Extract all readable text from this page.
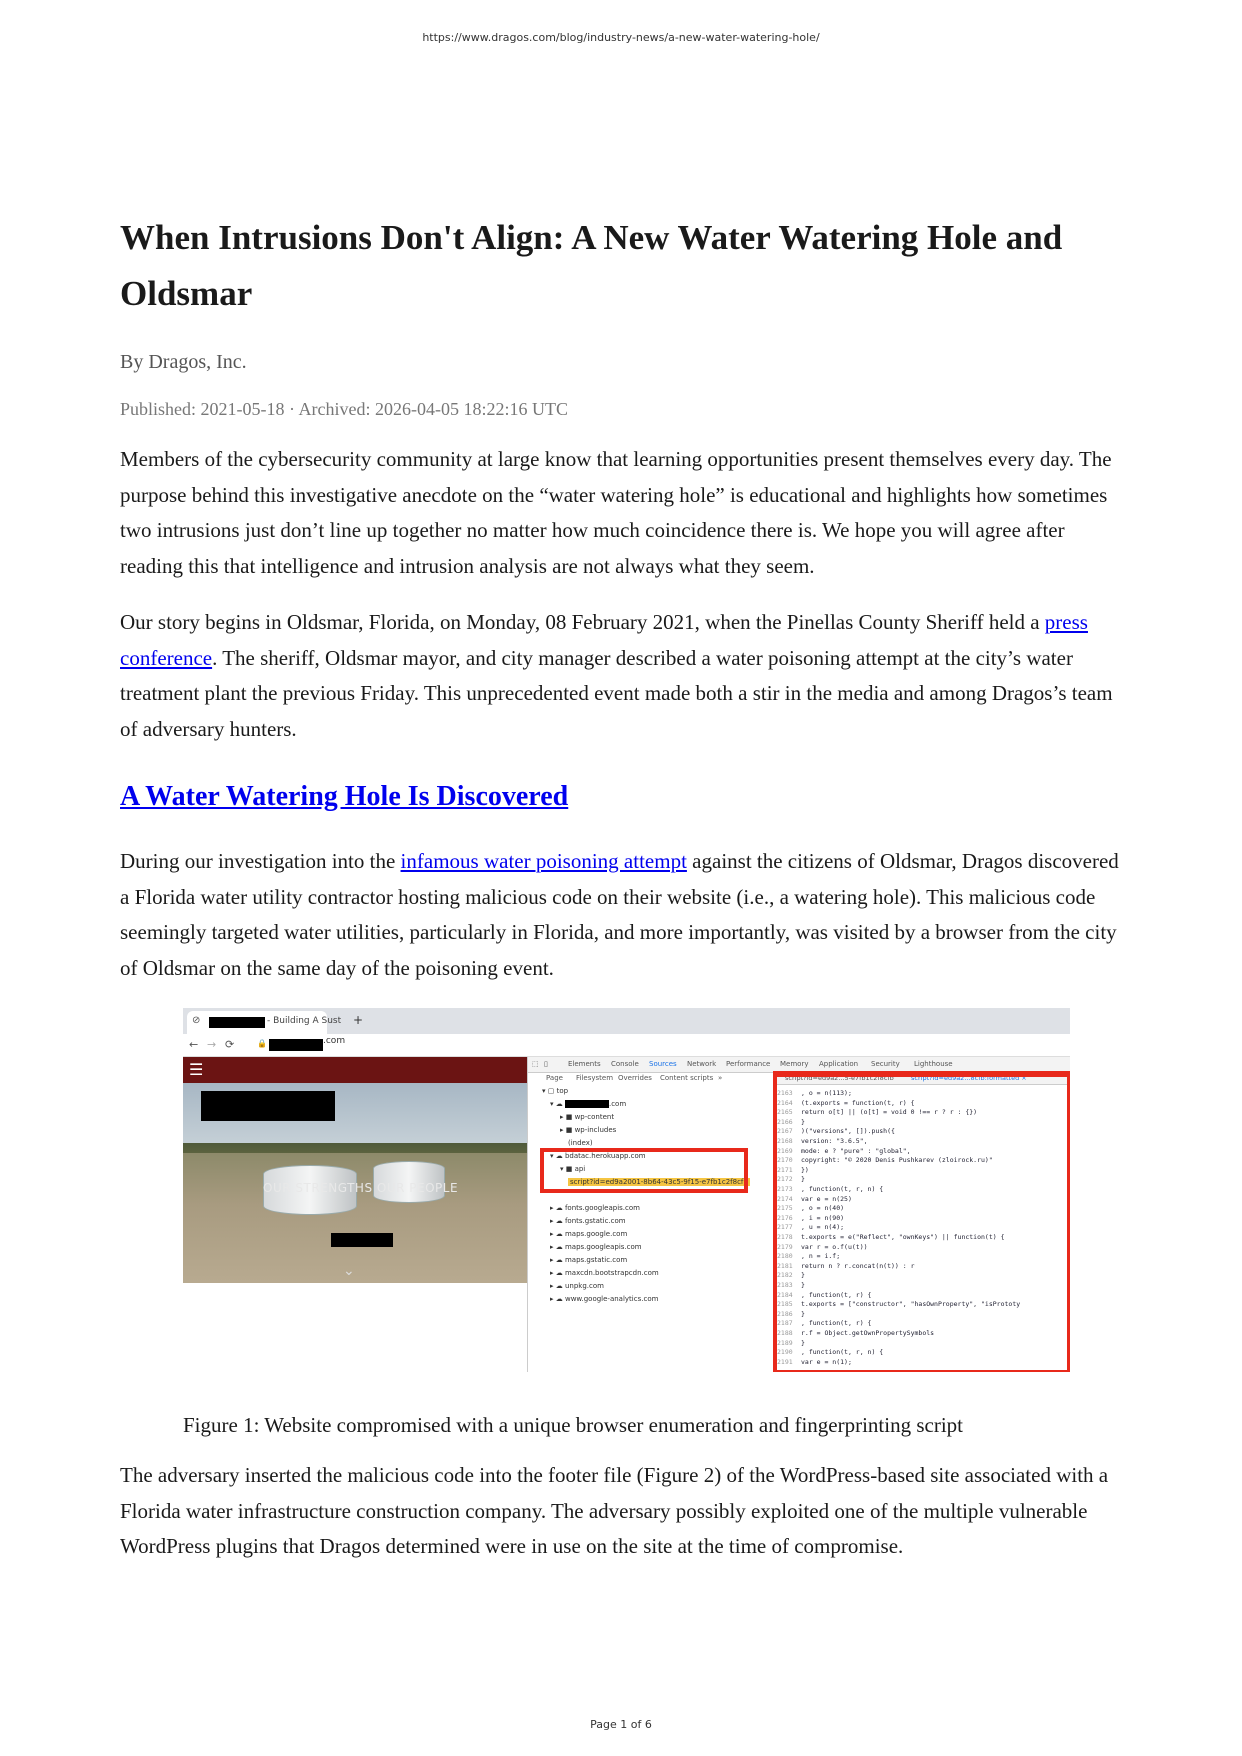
https://www.dragos.com/blog/industry-news/a-new-water-watering-hole/
When Intrusions Don't Align: A New Water Watering Hole and Oldsmar
By Dragos, Inc.
Published: 2021-05-18 · Archived: 2026-04-05 18:22:16 UTC

Members of the cybersecurity community at large know that learning opportunities present themselves every day. The purpose behind this investigative anecdote on the “water watering hole” is educational and highlights how sometimes two intrusions just don’t line up together no matter how much coincidence there is. We hope you will agree after reading this that intelligence and intrusion analysis are not always what they seem.

Our story begins in Oldsmar, Florida, on Monday, 08 February 2021, when the Pinellas County Sheriff held a press conference. The sheriff, Oldsmar mayor, and city manager described a water poisoning attempt at the city’s water treatment plant the previous Friday. This unprecedented event made both a stir in the media and among Dragos’s team of adversary hunters.

A Water Watering Hole Is Discovered

During our investigation into the infamous water poisoning attempt against the citizens of Oldsmar, Dragos discovered a Florida water utility contractor hosting malicious code on their website (i.e., a watering hole). This malicious code seemingly targeted water utilities, particularly in Florida, and more importantly, was visited by a browser from the city of Oldsmar on the same day of the poisoning event.

⊘	- Building A Sust +
← → ⟳	🔒	.com
☰
OUR STRENGTHS OUR PEOPLE
⌄
⬚ ▯	Elements Console Sources Network Performance Memory Application Security Lighthouse
Page Filesystem Overrides Content scripts »
▾ ▢ top
▾ ☁	.com
▸ ■ wp-content
▸ ■ wp-includes
(index)
▾ ☁ bdatac.herokuapp.com
▾ ■ api
script?id=ed9a2001-8b64-43c5-9f15-e7fb1c2f8cfb
▸ ☁ fonts.googleapis.com
▸ ☁ fonts.gstatic.com
▸ ☁ maps.google.com
▸ ☁ maps.googleapis.com
▸ ☁ maps.gstatic.com
▸ ☁ maxcdn.bootstrapcdn.com
▸ ☁ unpkg.com
▸ ☁ www.google-analytics.com
script?id=ed9a2...5-e7fb1c2f8cfb	script?id=ed9a2...8cfb:formatted ×
2163 , o = n(113);
2164 (t.exports = function(t, r) {
2165 return o[t] || (o[t] = void 0 !== r ? r : {})
2166 }
2167 )("versions", []).push({
2168 version: "3.6.5",
2169 mode: e ? "pure" : "global",
2170 copyright: "© 2020 Denis Pushkarev (zloirock.ru)"
2171 })
2172 }
2173 , function(t, r, n) {
2174 var e = n(25)
2175 , o = n(40)
2176 , i = n(90)
2177 , u = n(4);
2178 t.exports = e("Reflect", "ownKeys") || function(t) {
2179 var r = o.f(u(t))
2180 , n = i.f;
2181 return n ? r.concat(n(t)) : r
2182 }
2183 }
2184 , function(t, r) {
2185 t.exports = ["constructor", "hasOwnProperty", "isPrototy
2186 }
2187 , function(t, r) {
2188 r.f = Object.getOwnPropertySymbols
2189 }
2190 , function(t, r, n) {
2191 var e = n(1);
Figure 1: Website compromised with a unique browser enumeration and fingerprinting script

The adversary inserted the malicious code into the footer file (Figure 2) of the WordPress-based site associated with a Florida water infrastructure construction company. The adversary possibly exploited one of the multiple vulnerable WordPress plugins that Dragos determined were in use on the site at the time of compromise.

Page 1 of 6
